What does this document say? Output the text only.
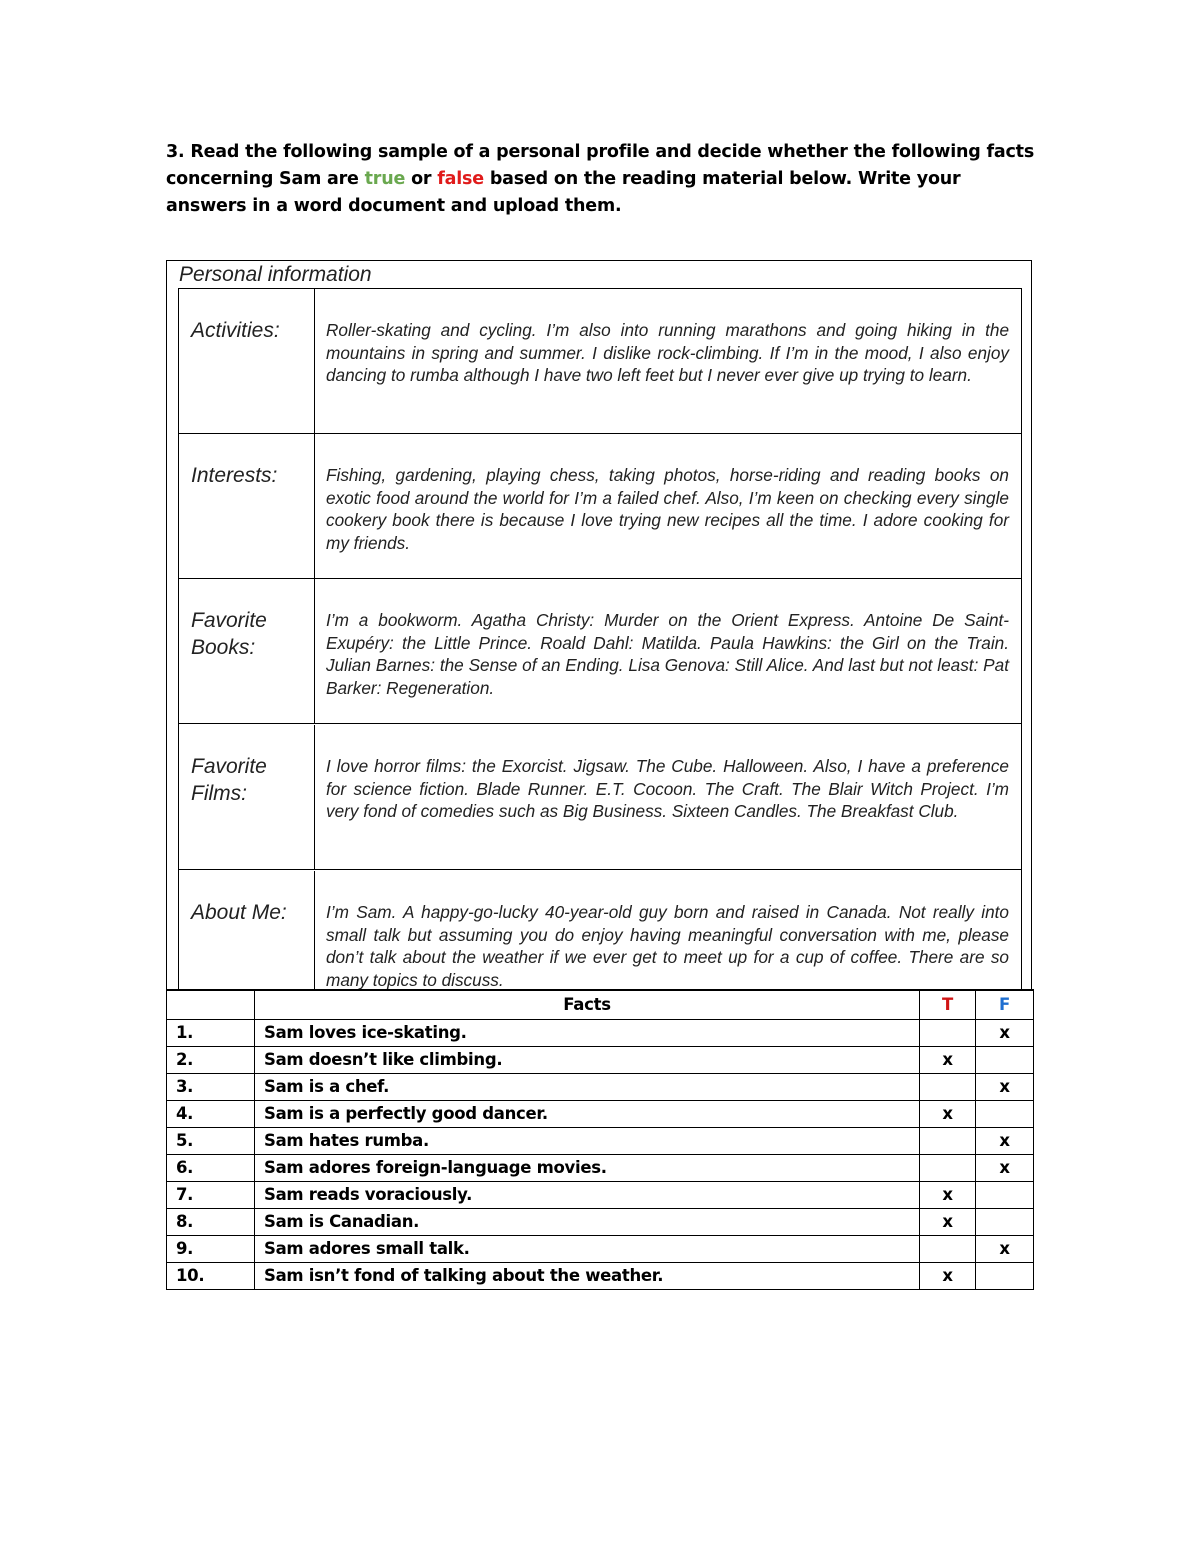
3. Read the following sample of a personal profile and decide whether the following facts concerning Sam are true or false based on the reading material below. Write your answers in a word document and upload them.
Personal information
Activities:	Roller-skating and cycling. I’m also into running marathons and going hiking in the mountains in spring and summer. I dislike rock-climbing. If I’m in the mood, I also enjoy dancing to rumba although I have two left feet but I never ever give up trying to learn.
Interests:	Fishing, gardening, playing chess, taking photos, horse-riding and reading books on exotic food around the world for I’m a failed chef. Also, I’m keen on checking every single cookery book there is because I love trying new recipes all the time. I adore cooking for my friends.
Favorite Books:
I’m a bookworm. Agatha Christy: Murder on the Orient Express. Antoine De Saint-Exupéry: the Little Prince. Roald Dahl: Matilda. Paula Hawkins: the Girl on the Train. Julian Barnes: the Sense of an Ending. Lisa Genova: Still Alice. And last but not least: Pat Barker: Regeneration.
Favorite Films:
I love horror films: the Exorcist. Jigsaw. The Cube. Halloween. Also, I have a preference for science fiction. Blade Runner. E.T. Cocoon. The Craft. The Blair Witch Project. I’m very fond of comedies such as Big Business. Sixteen Candles. The Breakfast Club.
About Me:	I’m Sam. A happy-go-lucky 40-year-old guy born and raised in Canada. Not really into small talk but assuming you do enjoy having meaningful conversation with me, please don’t talk about the weather if we ever get to meet up for a cup of coffee. There are so many topics to discuss.
	Facts	T	F
1.	Sam loves ice-skating.		x
2.	Sam doesn’t like climbing.	x	
3.	Sam is a chef.		x
4.	Sam is a perfectly good dancer.	x	
5.	Sam hates rumba.		x
6.	Sam adores foreign-language movies.		x
7.	Sam reads voraciously.	x	
8.	Sam is Canadian.	x	
9.	Sam adores small talk.		x
10.	Sam isn’t fond of talking about the weather.	x	
